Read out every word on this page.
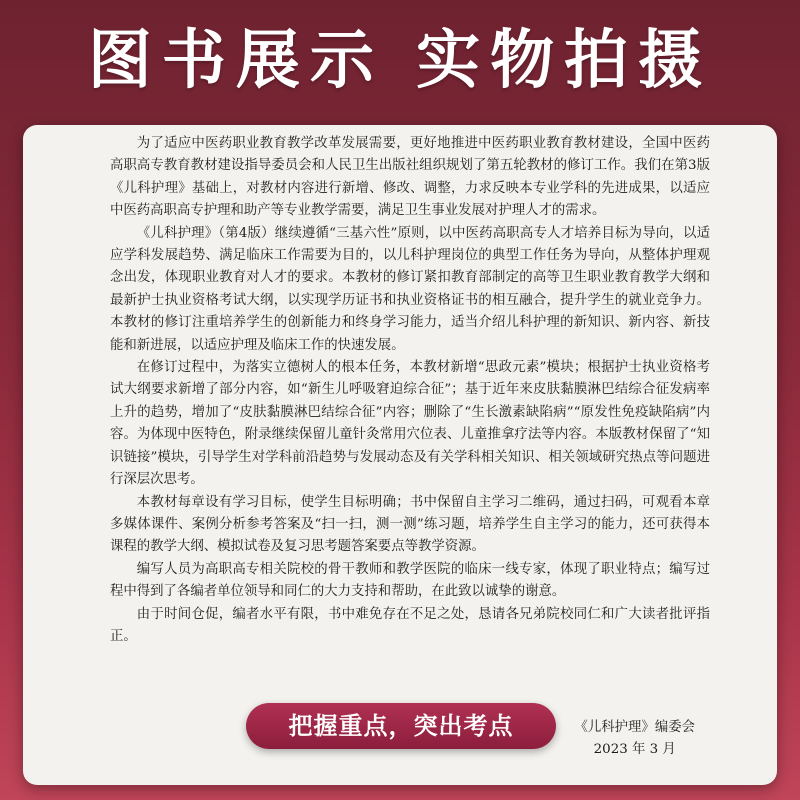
图书展示 实物拍摄

为了适应中医药职业教育教学改革发展需要，更好地推进中医药职业教育教材建设，全国中医药高职高专教育教材建设指导委员会和人民卫生出版社组织规划了第五轮教材的修订工作。我们在第3版《儿科护理》基础上，对教材内容进行新增、修改、调整，力求反映本专业学科的先进成果，以适应中医药高职高专护理和助产等专业教学需要，满足卫生事业发展对护理人才的需求。

《儿科护理》（第4版）继续遵循“三基六性”原则，以中医药高职高专人才培养目标为导向，以适应学科发展趋势、满足临床工作需要为目的，以儿科护理岗位的典型工作任务为导向，从整体护理观念出发，体现职业教育对人才的要求。本教材的修订紧扣教育部制定的高等卫生职业教育教学大纲和最新护士执业资格考试大纲，以实现学历证书和执业资格证书的相互融合，提升学生的就业竞争力。本教材的修订注重培养学生的创新能力和终身学习能力，适当介绍儿科护理的新知识、新内容、新技能和新进展，以适应护理及临床工作的快速发展。

在修订过程中，为落实立德树人的根本任务，本教材新增“思政元素”模块；根据护士执业资格考试大纲要求新增了部分内容，如“新生儿呼吸窘迫综合征”；基于近年来皮肤黏膜淋巴结综合征发病率上升的趋势，增加了“皮肤黏膜淋巴结综合征”内容；删除了“生长激素缺陷病”“原发性免疫缺陷病”内容。为体现中医特色，附录继续保留儿童针灸常用穴位表、儿童推拿疗法等内容。本版教材保留了“知识链接”模块，引导学生对学科前沿趋势与发展动态及有关学科相关知识、相关领域研究热点等问题进行深层次思考。

本教材每章设有学习目标，使学生目标明确；书中保留自主学习二维码，通过扫码，可观看本章多媒体课件、案例分析参考答案及“扫一扫，测一测”练习题，培养学生自主学习的能力，还可获得本课程的教学大纲、模拟试卷及复习思考题答案要点等教学资源。

编写人员为高职高专相关院校的骨干教师和教学医院的临床一线专家，体现了职业特点；编写过程中得到了各编者单位领导和同仁的大力支持和帮助，在此致以诚挚的谢意。

由于时间仓促，编者水平有限，书中难免存在不足之处，恳请各兄弟院校同仁和广大读者批评指正。

《儿科护理》编委会
2023 年 3 月
把握重点，突出考点
